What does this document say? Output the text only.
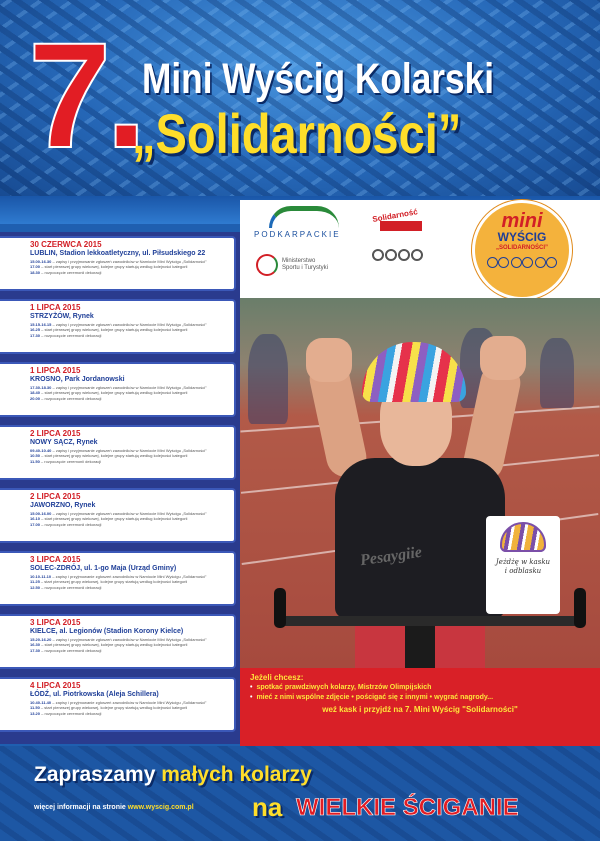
7. Mini Wyścig Kolarski
„Solidarności”
30 CZERWCA 2015
LUBLIN, Stadion lekkoatletyczny, ul. Piłsudskiego 22
15.00-16.30 – zapisy i przyjmowanie zgłoszeń zawodników w Namiocie Mini Wyścigu „Solidarności”
17.00 – start pierwszej grupy wiekowej, kolejne grupy startują według kolejności kategorii
18.30 – rozpoczęcie ceremonii dekoracji
1 LIPCA 2015
STRZYŻÓW, Rynek
15.15-16.15 – zapisy i przyjmowanie zgłoszeń zawodników w Namiocie Mini Wyścigu „Solidarności”
16.25 – start pierwszej grupy wiekowej, kolejne grupy startują według kolejności kategorii
17.30 – rozpoczęcie ceremonii dekoracji
1 LIPCA 2015
KROSNO, Park Jordanowski
17.30-18.30 – zapisy i przyjmowanie zgłoszeń zawodników w Namiocie Mini Wyścigu „Solidarności”
18.40 – start pierwszej grupy wiekowej, kolejne grupy startują według kolejności kategorii
20.00 – rozpoczęcie ceremonii dekoracji
2 LIPCA 2015
NOWY SĄCZ, Rynek
09.40-10.40 – zapisy i przyjmowanie zgłoszeń zawodników w Namiocie Mini Wyścigu „Solidarności”
10.50 – start pierwszej grupy wiekowej, kolejne grupy startują według kolejności kategorii
11.50 – rozpoczęcie ceremonii dekoracji
2 LIPCA 2015
JAWORZNO, Rynek
15.00-16.00 – zapisy i przyjmowanie zgłoszeń zawodników w Namiocie Mini Wyścigu „Solidarności”
16.10 – start pierwszej grupy wiekowej, kolejne grupy startują według kolejności kategorii
17.00 – rozpoczęcie ceremonii dekoracji
3 LIPCA 2015
SOLEC-ZDRÓJ, ul. 1-go Maja (Urząd Gminy)
10.10-11.10 – zapisy i przyjmowanie zgłoszeń zawodników w Namiocie Mini Wyścigu „Solidarności”
11.25 – start pierwszej grupy wiekowej, kolejne grupy startują według kolejności kategorii
12.50 – rozpoczęcie ceremonii dekoracji
3 LIPCA 2015
KIELCE, al. Legionów (Stadion Korony Kielce)
15.20-16.20 – zapisy i przyjmowanie zgłoszeń zawodników w Namiocie Mini Wyścigu „Solidarności”
16.30 – start pierwszej grupy wiekowej, kolejne grupy startują według kolejności kategorii
17.30 – rozpoczęcie ceremonii dekoracji
4 LIPCA 2015
ŁÓDŹ, ul. Piotrkowska (Aleja Schillera)
10.40-11.40 – zapisy i przyjmowanie zgłoszeń zawodników w Namiocie Mini Wyścigu „Solidarności”
11.50 – start pierwszej grupy wiekowej, kolejne grupy startują według kolejności kategorii
13.20 – rozpoczęcie ceremonii dekoracji
PODKARPACKIE
Ministerstwo
Sportu i Turystyki
Solidarność	mini
WYŚCIG
„SOLIDARNOŚCI”
Pesaygiie	Jeżdżę w kasku
i odblasku
Jeżeli chcesz:
• spotkać prawdziwych kolarzy, Mistrzów Olimpijskich
• mieć z nimi wspólne zdjęcie • pościgać się z innymi • wygrać nagrody...
weź kask i przyjdź na 7. Mini Wyścig "Solidarności"
Zapraszamy małych kolarzy
więcej informacji na stronie www.wyscig.com.pl na WIELKIE ŚCIGANIE
